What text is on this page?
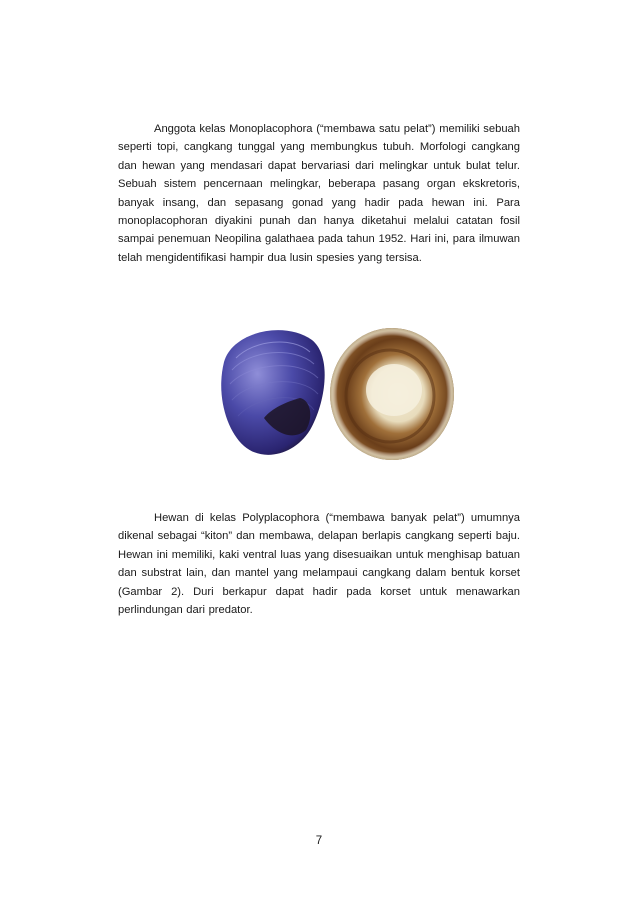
Anggota kelas Monoplacophora (“membawa satu pelat”) memiliki sebuah seperti topi, cangkang tunggal yang membungkus tubuh. Morfologi cangkang dan hewan yang mendasari dapat bervariasi dari melingkar untuk bulat telur. Sebuah sistem pencernaan melingkar, beberapa pasang organ ekskretoris, banyak insang, dan sepasang gonad yang hadir pada hewan ini. Para monoplacophoran diyakini punah dan hanya diketahui melalui catatan fosil sampai penemuan Neopilina galathaea pada tahun 1952. Hari ini, para ilmuwan telah mengidentifikasi hampir dua lusin spesies yang tersisa.

Hewan di kelas Polyplacophora (“membawa banyak pelat”) umumnya dikenal sebagai “kiton” dan membawa, delapan berlapis cangkang seperti baju. Hewan ini memiliki, kaki ventral luas yang disesuaikan untuk menghisap batuan dan substrat lain, dan mantel yang melampaui cangkang dalam bentuk korset (Gambar 2). Duri berkapur dapat hadir pada korset untuk menawarkan perlindungan dari predator.

7
